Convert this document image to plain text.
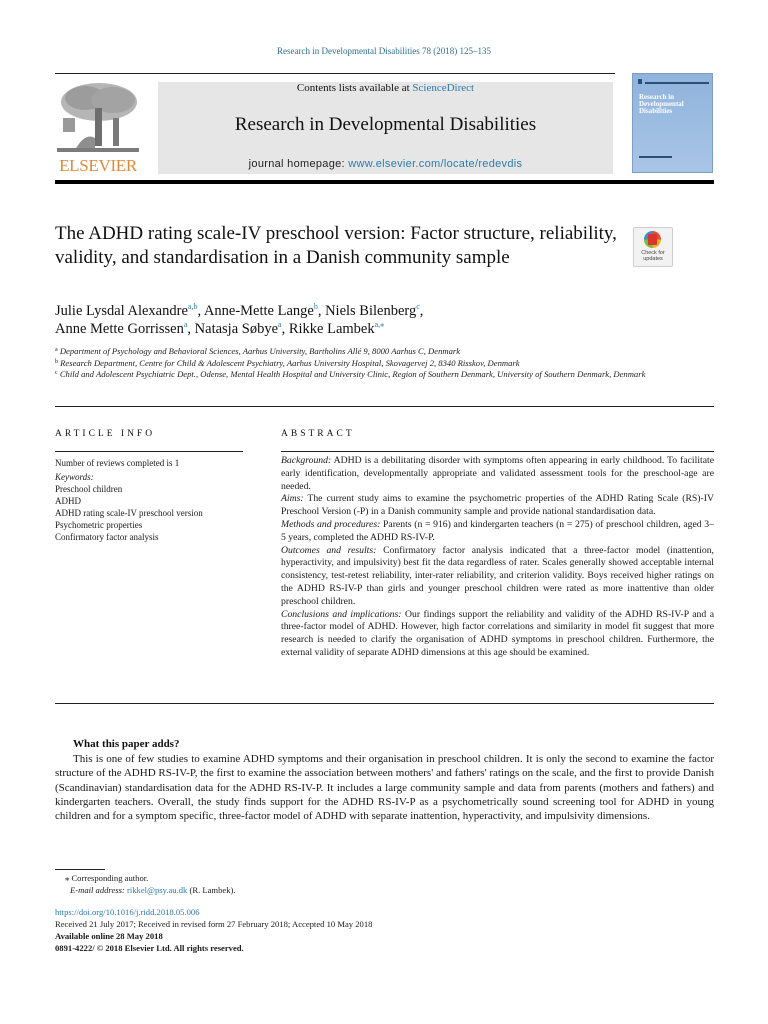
Research in Developmental Disabilities 78 (2018) 125–135
ELSEVIER
Contents lists available at ScienceDirect
Research in Developmental Disabilities
journal homepage: www.elsevier.com/locate/redevdis
Research in Developmental Disabilities
The ADHD rating scale-IV preschool version: Factor structure, reliability, validity, and standardisation in a Danish community sample	Check for updates
Julie Lysdal Alexandre$^{a,b}$, Anne-Mette Lange$^b$, Niels Bilenberg$^c$,
Anne Mette Gorrissen$^a$, Natasja Søbye$^a$, Rikke Lambek$^{a,⁎}$
$^a$ Department of Psychology and Behavioral Sciences, Aarhus University, Bartholins Allé 9, 8000 Aarhus C, Denmark
$^b$ Research Department, Centre for Child & Adolescent Psychiatry, Aarhus University Hospital, Skovagervej 2, 8340 Risskov, Denmark
$^c$ Child and Adolescent Psychiatric Dept., Odense, Mental Health Hospital and University Clinic, Region of Southern Denmark, University of Southern Denmark, Denmark
ARTICLE INFO
Number of reviews completed is 1
Keywords:
Preschool children
ADHD
ADHD rating scale-IV preschool version
Psychometric properties
Confirmatory factor analysis
ABSTRACT

Background: ADHD is a debilitating disorder with symptoms often appearing in early childhood. To facilitate early identification, developmentally appropriate and validated assessment tools for the preschool-age are needed.

Aims: The current study aims to examine the psychometric properties of the ADHD Rating Scale (RS)-IV Preschool Version (-P) in a Danish community sample and provide national standardisation data.

Methods and procedures: Parents (n = 916) and kindergarten teachers (n = 275) of preschool children, aged 3–5 years, completed the ADHD RS-IV-P.

Outcomes and results: Confirmatory factor analysis indicated that a three-factor model (inattention, hyperactivity, and impulsivity) best fit the data regardless of rater. Scales generally showed acceptable internal consistency, test-retest reliability, inter-rater reliability, and criterion validity. Boys received higher ratings on the ADHD RS-IV-P than girls and younger preschool children were rated as more inattentive than older preschool children.

Conclusions and implications: Our findings support the reliability and validity of the ADHD RS-IV-P and a three-factor model of ADHD. However, high factor correlations and similarity in model fit suggest that more research is needed to clarify the organisation of ADHD symptoms in preschool children. Furthermore, the external validity of separate ADHD dimensions at this age should be examined.

What this paper adds?
This is one of few studies to examine ADHD symptoms and their organisation in preschool children. It is only the second to examine the factor structure of the ADHD RS-IV-P, the first to examine the association between mothers' and fathers' ratings on the scale, and the first to provide Danish (Scandinavian) standardisation data for the ADHD RS-IV-P. It includes a large community sample and data from parents (mothers and fathers) and kindergarten teachers. Overall, the study finds support for the ADHD RS-IV-P as a psychometrically sound screening tool for ADHD in young children and for a symptom specific, three-factor model of ADHD with separate inattention, hyperactivity, and impulsivity dimensions.
⁎ Corresponding author.
E-mail address: rikkel@psy.au.dk (R. Lambek).
https://doi.org/10.1016/j.ridd.2018.05.006
Received 21 July 2017; Received in revised form 27 February 2018; Accepted 10 May 2018
Available online 28 May 2018
0891-4222/ © 2018 Elsevier Ltd. All rights reserved.
